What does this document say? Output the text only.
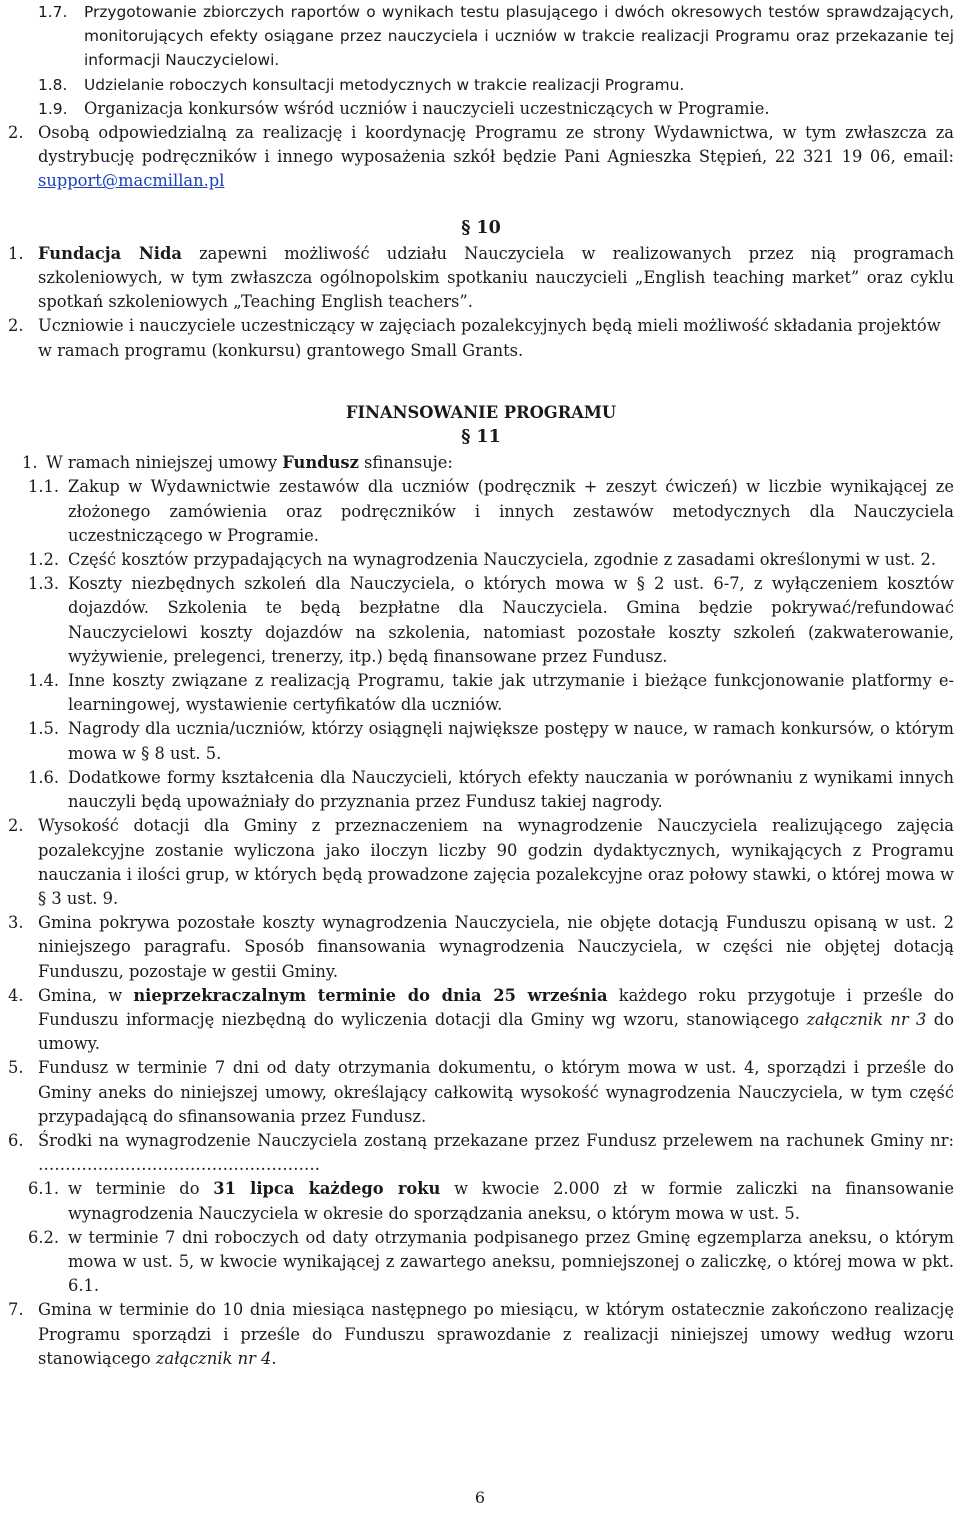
1.7.	Przygotowanie zbiorczych raportów o wynikach testu plasującego i dwóch okresowych testów sprawdzających, monitorujących efekty osiągane przez nauczyciela i uczniów w trakcie realizacji Programu oraz przekazanie tej informacji Nauczycielowi.
1.8.	Udzielanie roboczych konsultacji metodycznych w trakcie realizacji Programu.
1.9.	Organizacja konkursów wśród uczniów i nauczycieli uczestniczących w Programie.
2. Osobą odpowiedzialną za realizację i koordynację Programu ze strony Wydawnictwa, w tym zwłaszcza za dystrybucję podręczników i innego wyposażenia szkół będzie Pani Agnieszka Stępień, 22 321 19 06, email: support@macmillan.pl
§ 10
1. Fundacja Nida zapewni możliwość udziału Nauczyciela w realizowanych przez nią programach szkoleniowych, w tym zwłaszcza ogólnopolskim spotkaniu nauczycieli „English teaching market” oraz cyklu spotkań szkoleniowych „Teaching English teachers”.
2. Uczniowie i nauczyciele uczestniczący w zajęciach pozalekcyjnych będą mieli możliwość składania projektów w ramach programu (konkursu) grantowego Small Grants.
FINANSOWANIE PROGRAMU
§ 11
1. W ramach niniejszej umowy Fundusz sfinansuje:
1.1. Zakup w Wydawnictwie zestawów dla uczniów (podręcznik + zeszyt ćwiczeń) w liczbie wynikającej ze złożonego zamówienia oraz podręczników i innych zestawów metodycznych dla Nauczyciela uczestniczącego w Programie.
1.2. Część kosztów przypadających na wynagrodzenia Nauczyciela, zgodnie z zasadami określonymi w ust. 2.
1.3. Koszty niezbędnych szkoleń dla Nauczyciela, o których mowa w § 2 ust. 6-7, z wyłączeniem kosztów dojazdów. Szkolenia te będą bezpłatne dla Nauczyciela. Gmina będzie pokrywać/refundować Nauczycielowi koszty dojazdów na szkolenia, natomiast pozostałe koszty szkoleń (zakwaterowanie, wyżywienie, prelegenci, trenerzy, itp.) będą finansowane przez Fundusz.
1.4. Inne koszty związane z realizacją Programu, takie jak utrzymanie i bieżące funkcjonowanie platformy e-learningowej, wystawienie certyfikatów dla uczniów.
1.5. Nagrody dla ucznia/uczniów, którzy osiągnęli największe postępy w nauce, w ramach konkursów, o którym mowa w § 8 ust. 5.
1.6. Dodatkowe formy kształcenia dla Nauczycieli, których efekty nauczania w porównaniu z wynikami innych nauczyli będą upoważniały do przyznania przez Fundusz takiej nagrody.
2. Wysokość dotacji dla Gminy z przeznaczeniem na wynagrodzenie Nauczyciela realizującego zajęcia pozalekcyjne zostanie wyliczona jako iloczyn liczby 90 godzin dydaktycznych, wynikających z Programu nauczania i ilości grup, w których będą prowadzone zajęcia pozalekcyjne oraz połowy stawki, o której mowa w § 3 ust. 9.
3. Gmina pokrywa pozostałe koszty wynagrodzenia Nauczyciela, nie objęte dotacją Funduszu opisaną w ust. 2 niniejszego paragrafu. Sposób finansowania wynagrodzenia Nauczyciela, w części nie objętej dotacją Funduszu, pozostaje w gestii Gminy.
4. Gmina, w nieprzekraczalnym terminie do dnia 25 września każdego roku przygotuje i prześle do Funduszu informację niezbędną do wyliczenia dotacji dla Gminy wg wzoru, stanowiącego załącznik nr 3 do umowy.
5. Fundusz w terminie 7 dni od daty otrzymania dokumentu, o którym mowa w ust. 4, sporządzi i prześle do Gminy aneks do niniejszej umowy, określający całkowitą wysokość wynagrodzenia Nauczyciela, w tym część przypadającą do sfinansowania przez Fundusz.
6. Środki na wynagrodzenie Nauczyciela zostaną przekazane przez Fundusz przelewem na rachunek Gminy nr: …………………………………………….
6.1. w terminie do 31 lipca każdego roku w kwocie 2.000 zł w formie zaliczki na finansowanie wynagrodzenia Nauczyciela w okresie do sporządzania aneksu, o którym mowa w ust. 5.
6.2. w terminie 7 dni roboczych od daty otrzymania podpisanego przez Gminę egzemplarza aneksu, o którym mowa w ust. 5, w kwocie wynikającej z zawartego aneksu, pomniejszonej o zaliczkę, o której mowa w pkt. 6.1.
7. Gmina w terminie do 10 dnia miesiąca następnego po miesiącu, w którym ostatecznie zakończono realizację Programu sporządzi i prześle do Funduszu sprawozdanie z realizacji niniejszej umowy według wzoru stanowiącego załącznik nr 4.
6
